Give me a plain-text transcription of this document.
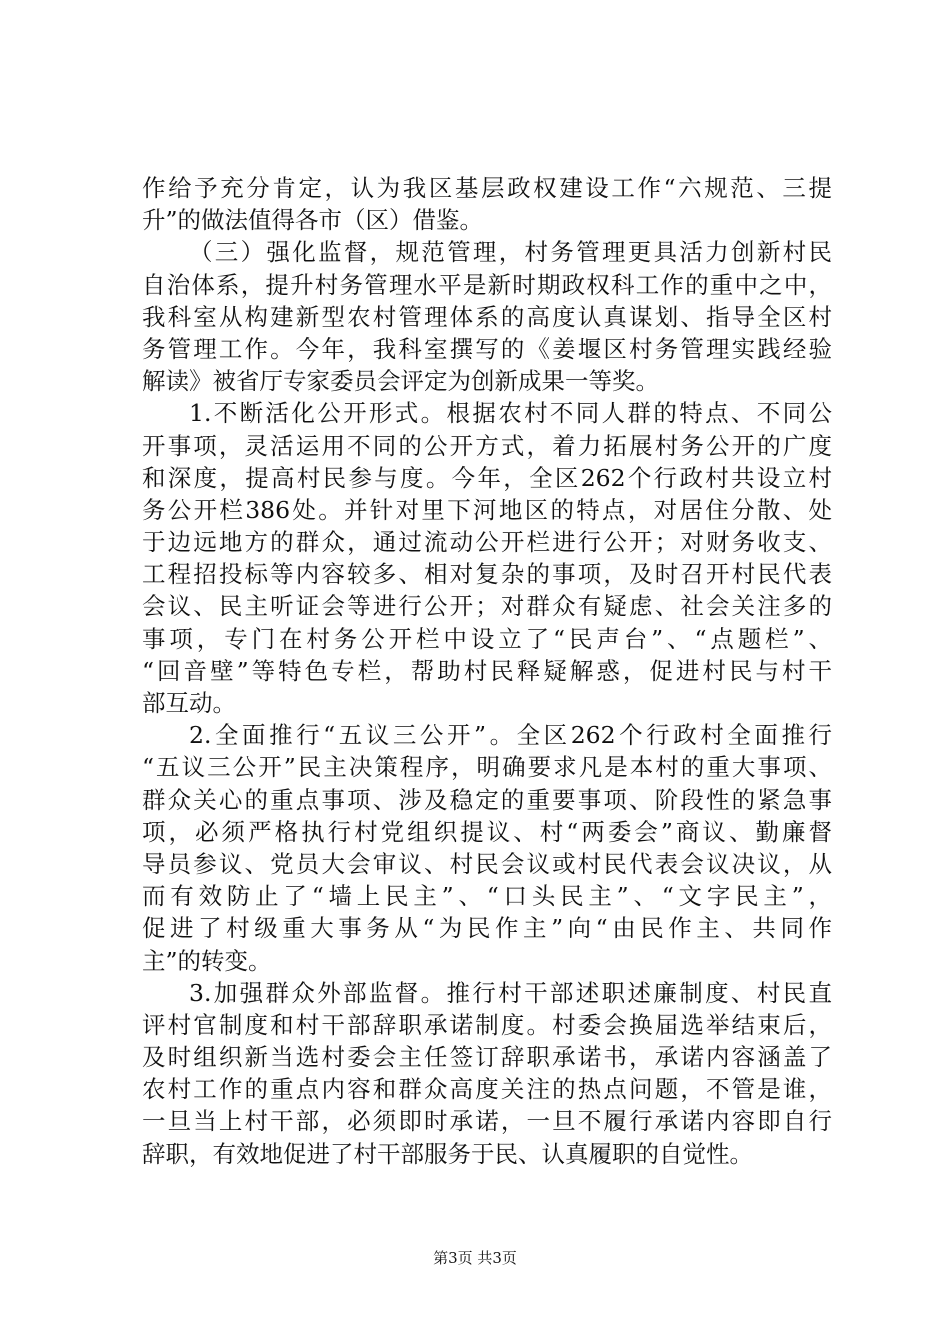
作给予充分肯定，认为我区基层政权建设工作“六规范、三提
升”的做法值得各市（区）借鉴。
（三）强化监督，规范管理，村务管理更具活力创新村民
自治体系，提升村务管理水平是新时期政权科工作的重中之中，
我科室从构建新型农村管理体系的高度认真谋划、指导全区村
务管理工作。今年，我科室撰写的《姜堰区村务管理实践经验
解读》被省厅专家委员会评定为创新成果一等奖。
1.不断活化公开形式。根据农村不同人群的特点、不同公
开事项，灵活运用不同的公开方式，着力拓展村务公开的广度
和深度，提高村民参与度。今年，全区262个行政村共设立村
务公开栏386处。并针对里下河地区的特点，对居住分散、处
于边远地方的群众，通过流动公开栏进行公开；对财务收支、
工程招投标等内容较多、相对复杂的事项，及时召开村民代表
会议、民主听证会等进行公开；对群众有疑虑、社会关注多的
事项，专门在村务公开栏中设立了“民声台”、“点题栏”、
“回音壁”等特色专栏，帮助村民释疑解惑，促进村民与村干
部互动。
2.全面推行“五议三公开”。全区262个行政村全面推行
“五议三公开”民主决策程序，明确要求凡是本村的重大事项、
群众关心的重点事项、涉及稳定的重要事项、阶段性的紧急事
项，必须严格执行村党组织提议、村“两委会”商议、勤廉督
导员参议、党员大会审议、村民会议或村民代表会议决议，从
而有效防止了“墙上民主”、“口头民主”、“文字民主”，
促进了村级重大事务从“为民作主”向“由民作主、共同作
主”的转变。
3.加强群众外部监督。推行村干部述职述廉制度、村民直
评村官制度和村干部辞职承诺制度。村委会换届选举结束后，
及时组织新当选村委会主任签订辞职承诺书，承诺内容涵盖了
农村工作的重点内容和群众高度关注的热点问题，不管是谁，
一旦当上村干部，必须即时承诺，一旦不履行承诺内容即自行
辞职，有效地促进了村干部服务于民、认真履职的自觉性。
第3页 共3页
